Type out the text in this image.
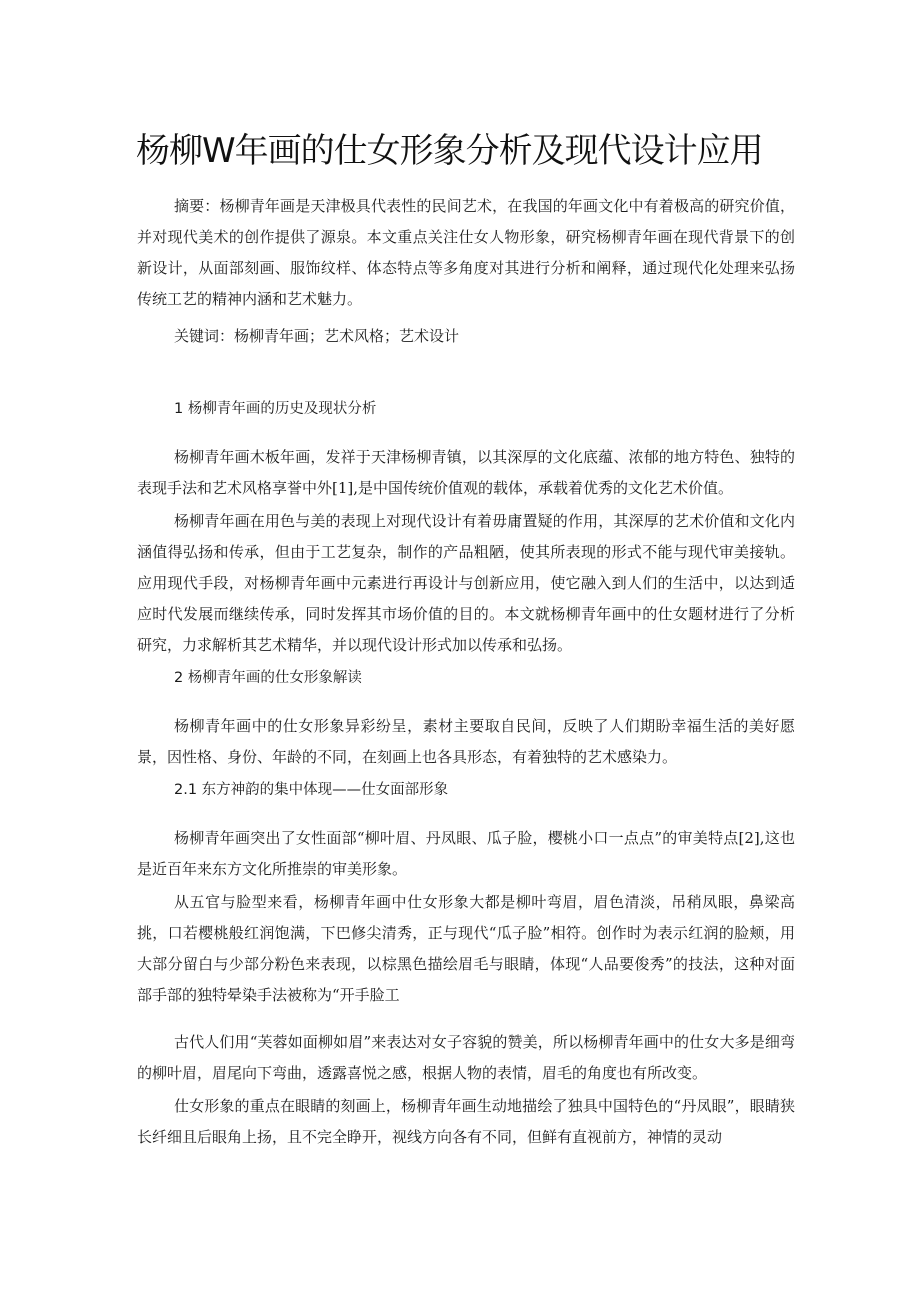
杨柳W年画的仕女形象分析及现代设计应用

摘要：杨柳青年画是天津极具代表性的民间艺术，在我国的年画文化中有着极高的研究价值，并对现代美术的创作提供了源泉。本文重点关注仕女人物形象，研究杨柳青年画在现代背景下的创新设计，从面部刻画、服饰纹样、体态特点等多角度对其进行分析和阐释，通过现代化处理来弘扬传统工艺的精神内涵和艺术魅力。

关键词：杨柳青年画；艺术风格；艺术设计

1 杨柳青年画的历史及现状分析

杨柳青年画木板年画，发祥于天津杨柳青镇，以其深厚的文化底蕴、浓郁的地方特色、独特的表现手法和艺术风格享誉中外[1],是中国传统价值观的载体，承载着优秀的文化艺术价值。

杨柳青年画在用色与美的表现上对现代设计有着毋庸置疑的作用，其深厚的艺术价值和文化内涵值得弘扬和传承，但由于工艺复杂，制作的产品粗陋，使其所表现的形式不能与现代审美接轨。应用现代手段，对杨柳青年画中元素进行再设计与创新应用，使它融入到人们的生活中，以达到适应时代发展而继续传承，同时发挥其市场价值的目的。本文就杨柳青年画中的仕女题材进行了分析研究，力求解析其艺术精华，并以现代设计形式加以传承和弘扬。

2 杨柳青年画的仕女形象解读

杨柳青年画中的仕女形象异彩纷呈，素材主要取自民间，反映了人们期盼幸福生活的美好愿景，因性格、身份、年龄的不同，在刻画上也各具形态，有着独特的艺术感染力。

2.1 东方神韵的集中体现——仕女面部形象

杨柳青年画突出了女性面部“柳叶眉、丹凤眼、瓜子脸，樱桃小口一点点”的审美特点[2],这也是近百年来东方文化所推崇的审美形象。

从五官与脸型来看，杨柳青年画中仕女形象大都是柳叶弯眉，眉色清淡，吊稍凤眼，鼻梁高挑，口若樱桃般红润饱满，下巴修尖清秀，正与现代“瓜子脸”相符。创作时为表示红润的脸颊，用大部分留白与少部分粉色来表现，以棕黑色描绘眉毛与眼睛，体现“人品要俊秀”的技法，这种对面部手部的独特晕染手法被称为“开手脸工

古代人们用“芙蓉如面柳如眉”来表达对女子容貌的赞美，所以杨柳青年画中的仕女大多是细弯的柳叶眉，眉尾向下弯曲，透露喜悦之感，根据人物的表情，眉毛的角度也有所改变。

仕女形象的重点在眼睛的刻画上，杨柳青年画生动地描绘了独具中国特色的“丹凤眼”，眼睛狭长纤细且后眼角上扬，且不完全睁开，视线方向各有不同，但鲜有直视前方，神情的灵动
